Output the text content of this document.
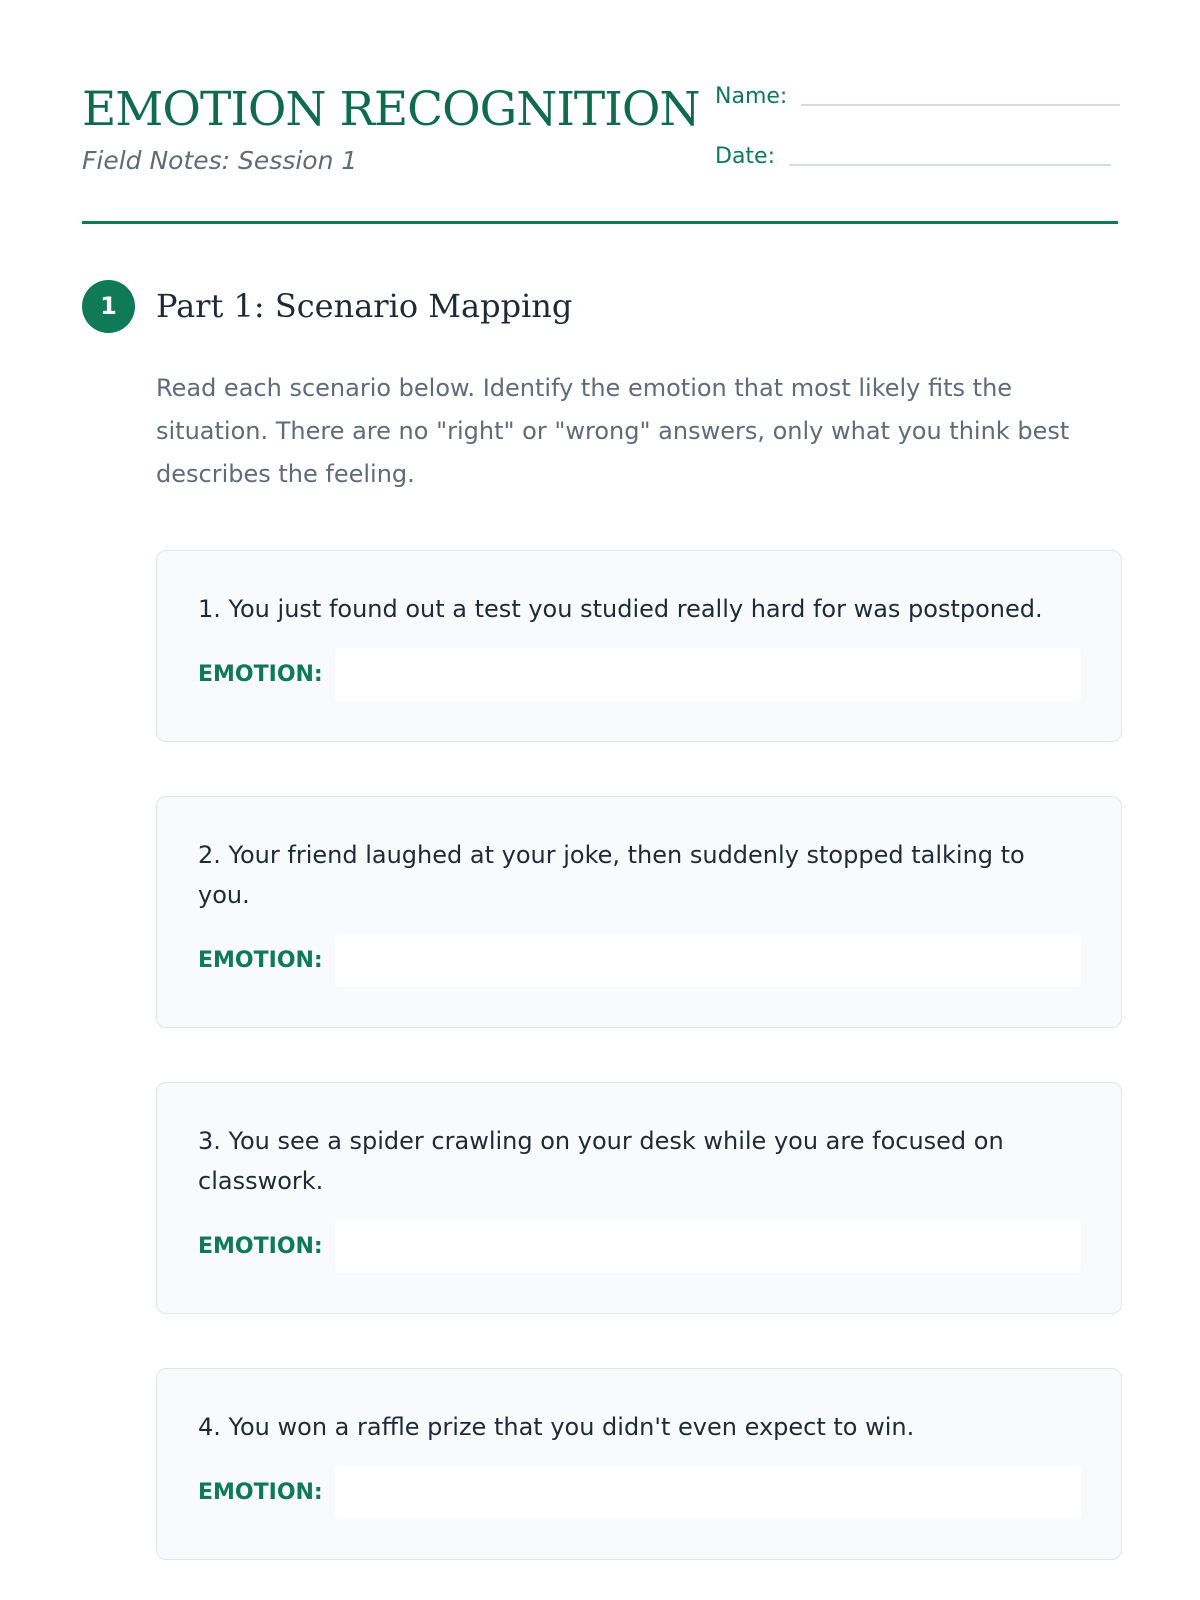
EMOTION RECOGNITION

Field Notes: Session 1

Name:
Date:
1	Part 1: Scenario Mapping

Read each scenario below. Identify the emotion that most likely fits the situation. There are no "right" or "wrong" answers, only what you think best describes the feeling.

1. You just found out a test you studied really hard for was postponed.

EMOTION:

2. Your friend laughed at your joke, then suddenly stopped talking to you.

EMOTION:

3. You see a spider crawling on your desk while you are focused on classwork.

EMOTION:

4. You won a raffle prize that you didn't even expect to win.

EMOTION:
